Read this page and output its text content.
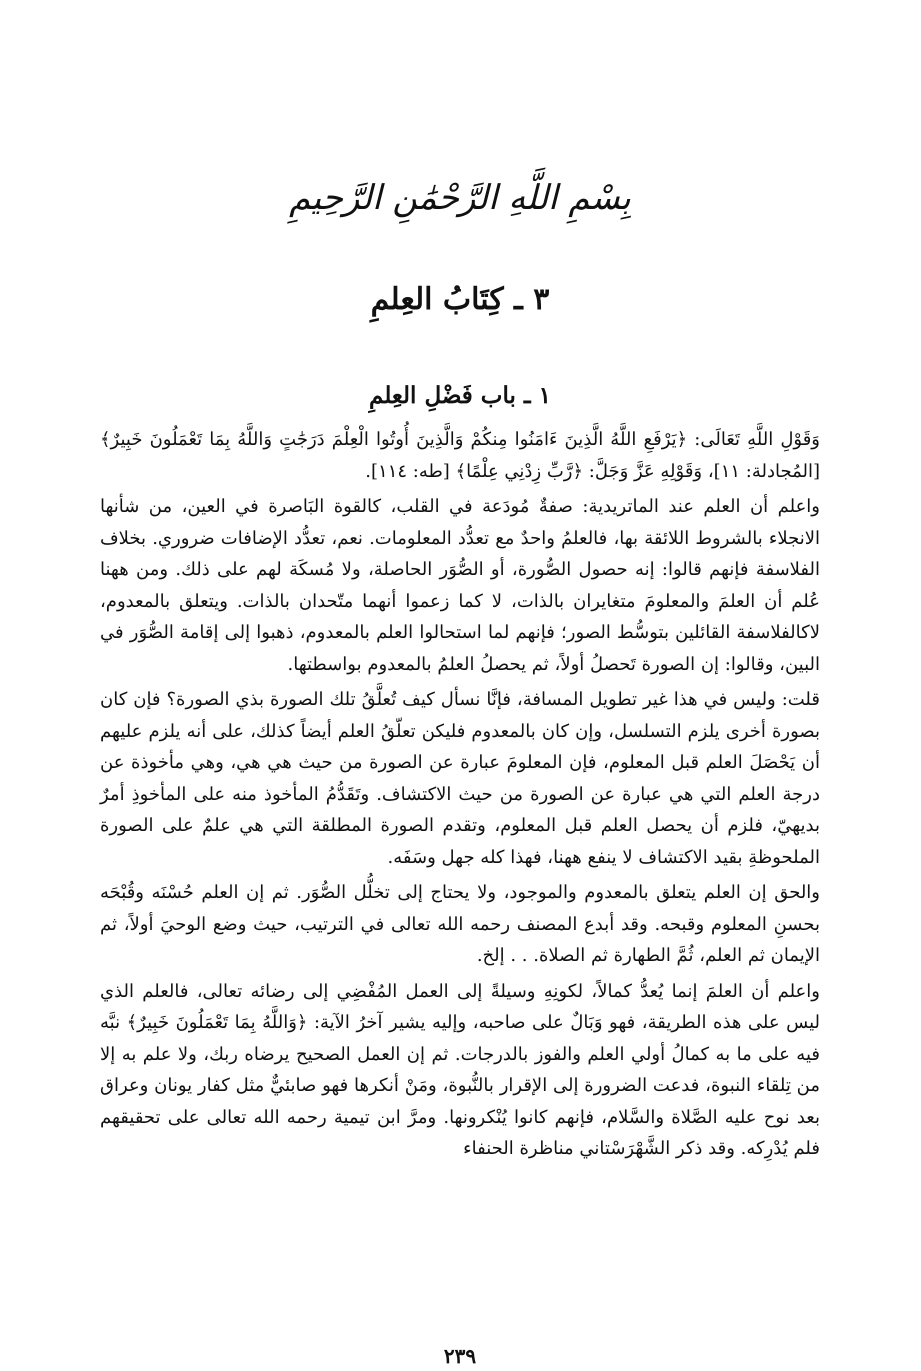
بِسْمِ اللَّهِ الرَّحْمَٰنِ الرَّحِيمِ
٣ ـ كِتَابُ العِلمِ
١ ـ باب فَضْلِ العِلمِ

وَقَوْلِ اللَّهِ تَعَالَى: ﴿يَرْفَعِ اللَّهُ الَّذِينَ ءَامَنُوا مِنكُمْ وَالَّذِينَ أُوتُوا الْعِلْمَ دَرَجَٰتٍ وَاللَّهُ بِمَا تَعْمَلُونَ خَبِيرٌ﴾ [المُجادلة: ١١]، وَقَوْلِهِ عَزَّ وَجَلَّ: ﴿رَّبِّ زِدْنِي عِلْمًا﴾ [طه: ١١٤].

واعلم أن العلم عند الماتريدية: صفةٌ مُودَعة في القلب، كالقوة البَاصرة في العين، من شأنها الانجلاء بالشروط اللائقة بها، فالعلمُ واحدٌ مع تعدُّد المعلومات. نعم، تعدُّد الإضافات ضروري. بخلاف الفلاسفة فإنهم قالوا: إنه حصول الصُّورة، أو الصُّوَر الحاصلة، ولا مُسكَة لهم على ذلك. ومن ههنا عُلم أن العلمَ والمعلومَ متغايران بالذات، لا كما زعموا أنهما متّحدان بالذات. ويتعلق بالمعدوم، لاكالفلاسفة القائلين بتوسُّط الصور؛ فإنهم لما استحالوا العلم بالمعدوم، ذهبوا إلى إقامة الصُّوَر في البين، وقالوا: إن الصورة تَحصلُ أولاً، ثم يحصلُ العلمُ بالمعدوم بواسطتها.

قلت: وليس في هذا غير تطويل المسافة، فإنَّا نسأل كيف تُعلَّقُ تلك الصورة بذي الصورة؟ فإن كان بصورة أخرى يلزم التسلسل، وإن كان بالمعدوم فليكن تعلّقُ العلم أيضاً كذلك، على أنه يلزم عليهم أن يَحْصَلَ العلم قبل المعلوم، فإن المعلومَ عبارة عن الصورة من حيث هي هي، وهي مأخوذة عن درجة العلم التي هي عبارة عن الصورة من حيث الاكتشاف. وتَقَدُّمُ المأخوذ منه على المأخوذِ أمرٌ بديهيّ، فلزم أن يحصل العلم قبل المعلوم، وتقدم الصورة المطلقة التي هي علمٌ على الصورة الملحوظةِ بقيد الاكتشاف لا ينفع ههنا، فهذا كله جهل وسَفَه.

والحق إن العلم يتعلق بالمعدوم والموجود، ولا يحتاج إلى تخلُّل الصُّوَر. ثم إن العلم حُسْنَه وقُبْحَه بحسنِ المعلوم وقبحه. وقد أبدع المصنف رحمه الله تعالى في الترتيب، حيث وضع الوحيَ أولاً، ثم الإيمان ثم العلم، ثُمَّ الطهارة ثم الصلاة. . . إلخ.

واعلم أن العلمَ إنما يُعدُّ كمالاً، لكونِهِ وسيلةً إلى العمل المُفْضِي إلى رضائه تعالى، فالعلم الذي ليس على هذه الطريقة، فهو وَبَالٌ على صاحبه، وإليه يشير آخرُ الآية: ﴿وَاللَّهُ بِمَا تَعْمَلُونَ خَبِيرٌ﴾ نبَّه فيه على ما به كمالُ أولي العلم والفوز بالدرجات. ثم إن العمل الصحيح يرضاه ربك، ولا علم به إلا من تِلقاء النبوة، فدعت الضرورة إلى الإقرار بالنُّبوة، ومَنْ أنكرها فهو صابئيٌّ مثل كفار يونان وعراق بعد نوح عليه الصَّلاة والسَّلام، فإنهم كانوا يُنْكرونها. ومرَّ ابن تيمية رحمه الله تعالى على تحقيقهم فلم يُدْرِكه. وقد ذكر الشَّهْرَسْتاني مناظرة الحنفاء

٢٣٩
